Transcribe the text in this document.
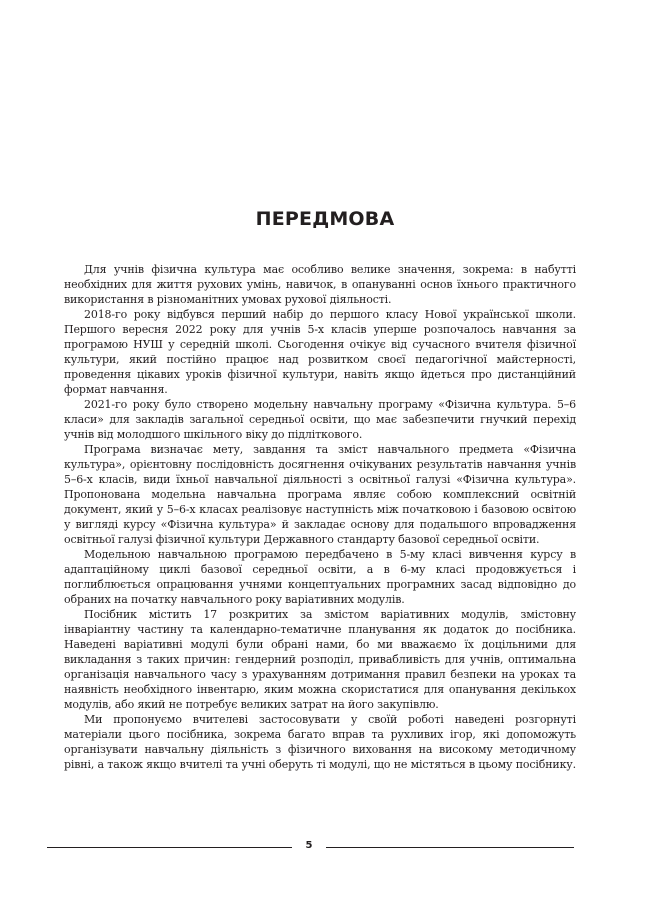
ПЕРЕДМОВА

Для учнів фізична культура має особливо велике значення, зокрема: в набутті необхідних для життя рухових умінь, навичок, в опануванні основ їхнього практичного використання в різноманітних умовах рухової діяльності.

2018-го року відбувся перший набір до першого класу Нової української школи. Першого вересня 2022 року для учнів 5-х класів уперше розпочалось навчання за програмою НУШ у середній школі. Сьогодення очікує від сучасного вчителя фізичної культури, який постійно працює над розвитком своєї педагогічної майстерності, проведення цікавих уроків фізичної культури, навіть якщо йдеться про дистанційний формат навчання.

2021-го року було створено модельну навчальну програму «Фізична культура. 5–6 класи» для закладів загальної середньої освіти, що має забезпечити гнучкий перехід учнів від молодшого шкільного віку до підліткового.

Програма визначає мету, завдання та зміст навчального предмета «Фізична культура», орієнтовну послідовність досягнення очікуваних результатів навчання учнів 5–6-х класів, види їхньої навчальної діяльності з освітньої галузі «Фізична культура». Пропонована модельна навчальна програма являє собою комплексний освітній документ, який у 5–6-х класах реалізовує наступність між початковою і базовою освітою у вигляді курсу «Фізична культура» й закладає основу для подальшого впровадження освітньої галузі фізичної культури Державного стандарту базової середньої освіти.

Модельною навчальною програмою передбачено в 5-му класі вивчення курсу в адаптаційному циклі базової середньої освіти, а в 6-му класі продовжується і поглиблюється опрацювання учнями концептуальних програмних засад відповідно до обраних на початку навчального року варіативних модулів.

Посібник містить 17 розкритих за змістом варіативних модулів, змістовну інваріантну частину та календарно-тематичне планування як додаток до посібника. Наведені варіативні модулі були обрані нами, бо ми вважаємо їх доцільними для викладання з таких причин: гендерний розподіл, привабливість для учнів, оптимальна організація навчального часу з урахуванням дотримання правил безпеки на уроках та наявність необхідного інвентарю, яким можна скористатися для опанування декількох модулів, або який не потребує великих затрат на його закупівлю.

Ми пропонуємо вчителеві застосовувати у своїй роботі наведені розгорнуті матеріали цього посібника, зокрема багато вправ та рухливих ігор, які допоможуть організувати навчальну діяльність з фізичного виховання на високому методичному рівні, а також якщо вчителі та учні оберуть ті модулі, що не містяться в цьому посібнику.

5
